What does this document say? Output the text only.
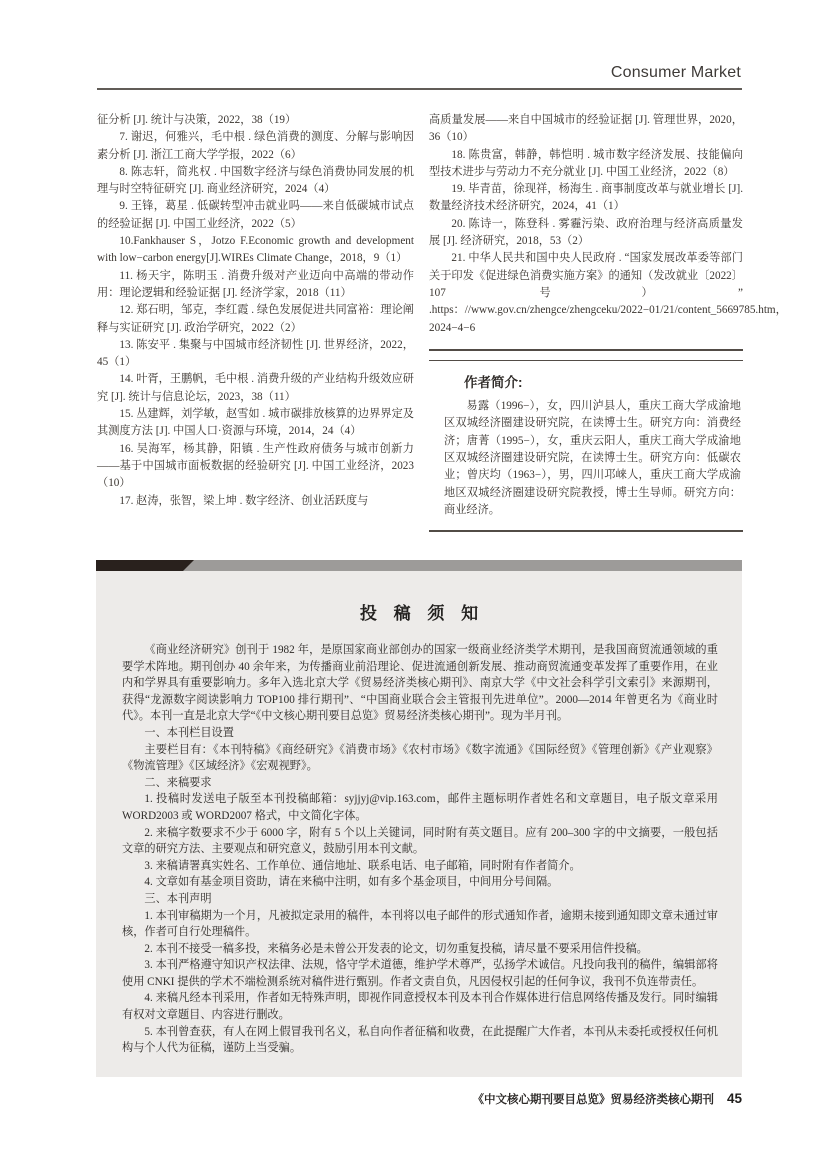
Consumer Market

征分析 [J]. 统计与决策，2022，38（19）

7. 谢迟，何雅兴，毛中根 . 绿色消费的测度、分解与影响因素分析 [J]. 浙江工商大学学报，2022（6）

8. 陈志轩，简兆权 . 中国数字经济与绿色消费协同发展的机理与时空特征研究 [J]. 商业经济研究，2024（4）

9. 王锋，葛星 . 低碳转型冲击就业吗——来自低碳城市试点的经验证据 [J]. 中国工业经济，2022（5）

10.Fankhauser S，Jotzo F.Economic growth and development with low−carbon energy[J].WIREs Climate Change，2018，9（1）

11. 杨天宇，陈明玉 . 消费升级对产业迈向中高端的带动作用：理论逻辑和经验证据 [J]. 经济学家，2018（11）

12. 郑石明，邹克，李红霞 . 绿色发展促进共同富裕：理论阐释与实证研究 [J]. 政治学研究，2022（2）

13. 陈安平 . 集聚与中国城市经济韧性 [J]. 世界经济，2022，45（1）

14. 叶胥，王鹏帆，毛中根 . 消费升级的产业结构升级效应研究 [J]. 统计与信息论坛，2023，38（11）

15. 丛建辉，刘学敏，赵雪如 . 城市碳排放核算的边界界定及其测度方法 [J]. 中国人口·资源与环境，2014，24（4）

16. 吴海军，杨其静，阳镇 . 生产性政府债务与城市创新力——基于中国城市面板数据的经验研究 [J]. 中国工业经济，2023（10）

17. 赵涛，张智，梁上坤 . 数字经济、创业活跃度与

高质量发展——来自中国城市的经验证据 [J]. 管理世界，2020，36（10）

18. 陈贵富，韩静，韩恺明 . 城市数字经济发展、技能偏向型技术进步与劳动力不充分就业 [J]. 中国工业经济，2022（8）

19. 毕青苗，徐现祥，杨海生 . 商事制度改革与就业增长 [J]. 数量经济技术经济研究，2024，41（1）

20. 陈诗一，陈登科 . 雾霾污染、政府治理与经济高质量发展 [J]. 经济研究，2018，53（2）

21. 中华人民共和国中央人民政府 . “国家发展改革委等部门关于印发《促进绿色消费实施方案》的通知（发改就业〔2022〕107 号）” .https：//www.gov.cn/zhengce/zhengceku/2022−01/21/content_5669785.htm，2024−4−6

作者简介:

易露（1996−），女，四川泸县人，重庆工商大学成渝地区双城经济圈建设研究院，在读博士生。研究方向：消费经济；唐菁（1995−），女，重庆云阳人，重庆工商大学成渝地区双城经济圈建设研究院，在读博士生。研究方向：低碳农业；曾庆均（1963−），男，四川邛崃人，重庆工商大学成渝地区双城经济圈建设研究院教授，博士生导师。研究方向：商业经济。

投 稿 须 知

《商业经济研究》创刊于 1982 年，是原国家商业部创办的国家一级商业经济类学术期刊，是我国商贸流通领域的重要学术阵地。期刊创办 40 余年来，为传播商业前沿理论、促进流通创新发展、推动商贸流通变革发挥了重要作用，在业内和学界具有重要影响力。多年入选北京大学《贸易经济类核心期刊》、南京大学《中文社会科学引文索引》来源期刊，获得“龙源数字阅读影响力 TOP100 排行期刊”、“中国商业联合会主管报刊先进单位”。2000—2014 年曾更名为《商业时代》。本刊一直是北京大学“《中文核心期刊要目总览》贸易经济类核心期刊”。现为半月刊。

一、本刊栏目设置

主要栏目有：《本刊特稿》《商经研究》《消费市场》《农村市场》《数字流通》《国际经贸》《管理创新》《产业观察》《物流管理》《区域经济》《宏观视野》。

二、来稿要求

1. 投稿时发送电子版至本刊投稿邮箱：syjjyj@vip.163.com，邮件主题标明作者姓名和文章题目，电子版文章采用 WORD2003 或 WORD2007 格式，中文简化字体。

2. 来稿字数要求不少于 6000 字，附有 5 个以上关键词，同时附有英文题目。应有 200–300 字的中文摘要，一般包括文章的研究方法、主要观点和研究意义，鼓励引用本刊文献。

3. 来稿请署真实姓名、工作单位、通信地址、联系电话、电子邮箱，同时附有作者简介。

4. 文章如有基金项目资助，请在来稿中注明，如有多个基金项目，中间用分号间隔。

三、本刊声明

1. 本刊审稿期为一个月，凡被拟定录用的稿件，本刊将以电子邮件的形式通知作者，逾期未接到通知即文章未通过审核，作者可自行处理稿件。

2. 本刊不接受一稿多投，来稿务必是未曾公开发表的论文，切勿重复投稿，请尽量不要采用信件投稿。

3. 本刊严格遵守知识产权法律、法规，恪守学术道德，维护学术尊严，弘扬学术诚信。凡投向我刊的稿件，编辑部将使用 CNKI 提供的学术不端检测系统对稿件进行甄别。作者文责自负，凡因侵权引起的任何争议，我刊不负连带责任。

4. 来稿凡经本刊采用，作者如无特殊声明，即视作同意授权本刊及本刊合作媒体进行信息网络传播及发行。同时编辑有权对文章题目、内容进行删改。

5. 本刊曾查获，有人在网上假冒我刊名义，私自向作者征稿和收费，在此提醒广大作者，本刊从未委托或授权任何机构与个人代为征稿，谨防上当受骗。

《中文核心期刊要目总览》贸易经济类核心期刊 45
